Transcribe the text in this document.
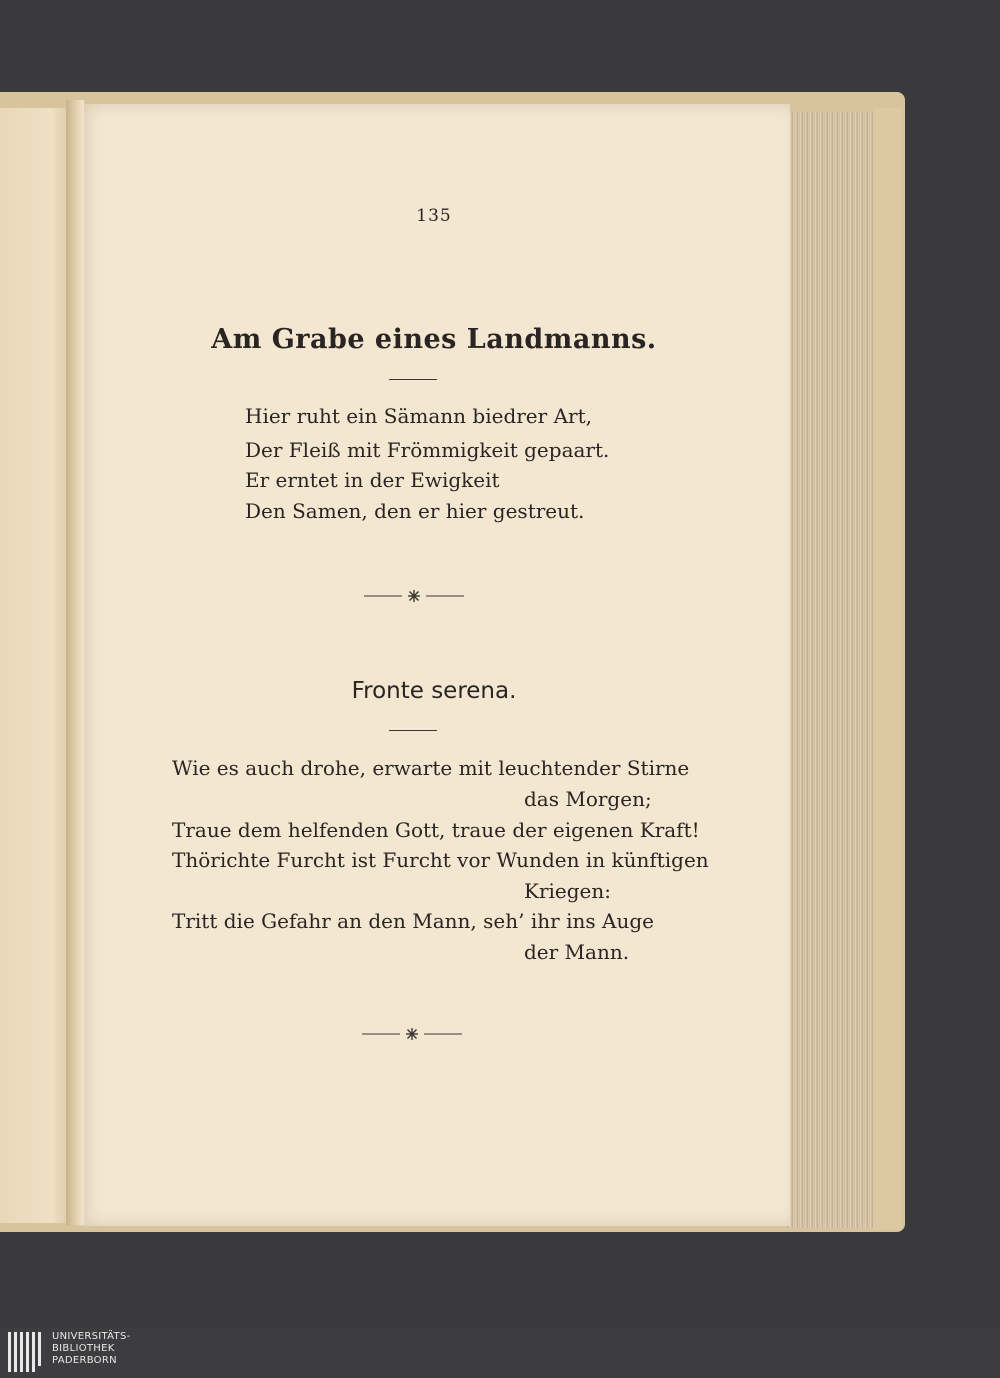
135
Am Grabe eines Landmanns.
Hier ruht ein Sämann biedrer Art,
Der Fleiß mit Frömmigkeit gepaart.
Er erntet in der Ewigkeit
Den Samen, den er hier gestreut.
Fronte serena.
Wie es auch drohe, erwarte mit leuchtender Stirne
das Morgen;
Traue dem helfenden Gott, traue der eigenen Kraft!
Thörichte Furcht ist Furcht vor Wunden in künftigen
Kriegen:
Tritt die Gefahr an den Mann, seh’ ihr ins Auge
der Mann.
UNIVERSITÄTS-
BIBLIOTHEK
PADERBORN
